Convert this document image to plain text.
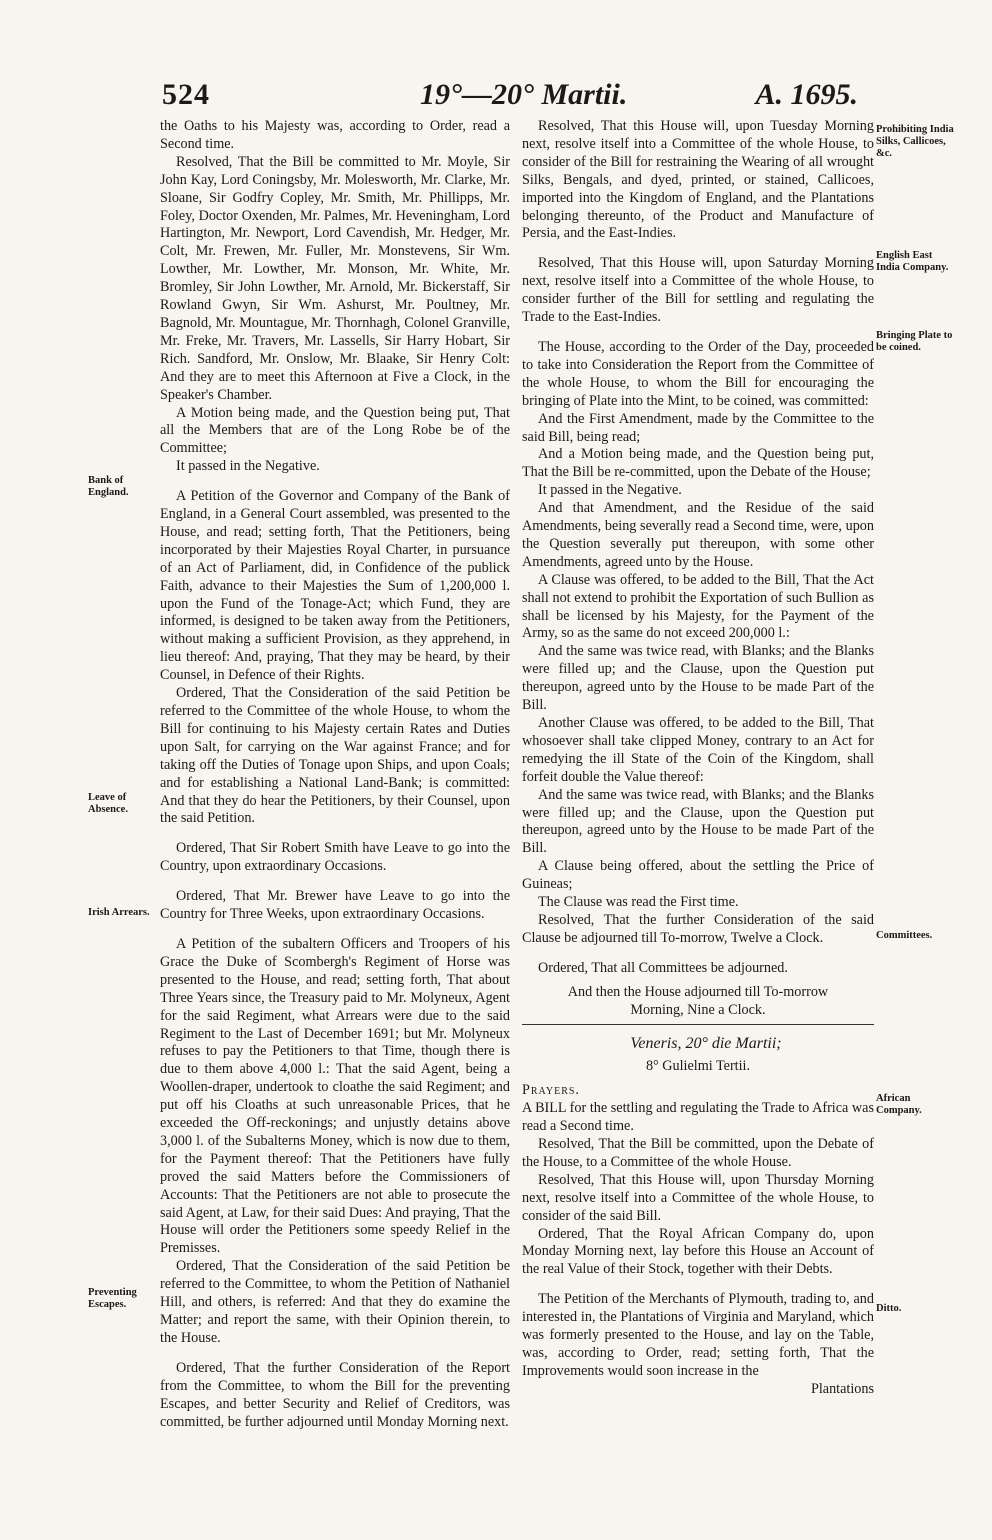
524	19°—20° Martii.	A. 1695.
Bank of England.
Leave of Absence.
Irish Arrears.
Preventing Escapes.
Prohibiting India Silks, Callicoes, &c.
English East India Company.
Bringing Plate to be coined.
Committees.
African Company.
Ditto.

the Oaths to his Majesty was, according to Order, read a Second time.

Resolved, That the Bill be committed to Mr. Moyle, Sir John Kay, Lord Coningsby, Mr. Molesworth, Mr. Clarke, Mr. Sloane, Sir Godfry Copley, Mr. Smith, Mr. Phillipps, Mr. Foley, Doctor Oxenden, Mr. Palmes, Mr. Heveningham, Lord Hartington, Mr. Newport, Lord Cavendish, Mr. Hedger, Mr. Colt, Mr. Frewen, Mr. Fuller, Mr. Monstevens, Sir Wm. Lowther, Mr. Lowther, Mr. Monson, Mr. White, Mr. Bromley, Sir John Lowther, Mr. Arnold, Mr. Bickerstaff, Sir Rowland Gwyn, Sir Wm. Ashurst, Mr. Poultney, Mr. Bagnold, Mr. Mountague, Mr. Thornhagh, Colonel Granville, Mr. Freke, Mr. Travers, Mr. Lassells, Sir Harry Hobart, Sir Rich. Sandford, Mr. Onslow, Mr. Blaake, Sir Henry Colt: And they are to meet this Afternoon at Five a Clock, in the Speaker's Chamber.

A Motion being made, and the Question being put, That all the Members that are of the Long Robe be of the Committee;

It passed in the Negative.

A Petition of the Governor and Company of the Bank of England, in a General Court assembled, was presented to the House, and read; setting forth, That the Petitioners, being incorporated by their Majesties Royal Charter, in pursuance of an Act of Parliament, did, in Confidence of the publick Faith, advance to their Majesties the Sum of 1,200,000 l. upon the Fund of the Tonage-Act; which Fund, they are informed, is designed to be taken away from the Petitioners, without making a sufficient Provision, as they apprehend, in lieu thereof: And, praying, That they may be heard, by their Counsel, in Defence of their Rights.

Ordered, That the Consideration of the said Petition be referred to the Committee of the whole House, to whom the Bill for continuing to his Majesty certain Rates and Duties upon Salt, for carrying on the War against France; and for taking off the Duties of Tonage upon Ships, and upon Coals; and for establishing a National Land-Bank; is committed: And that they do hear the Petitioners, by their Counsel, upon the said Petition.

Ordered, That Sir Robert Smith have Leave to go into the Country, upon extraordinary Occasions.

Ordered, That Mr. Brewer have Leave to go into the Country for Three Weeks, upon extraordinary Occasions.

A Petition of the subaltern Officers and Troopers of his Grace the Duke of Scombergh's Regiment of Horse was presented to the House, and read; setting forth, That about Three Years since, the Treasury paid to Mr. Molyneux, Agent for the said Regiment, what Arrears were due to the said Regiment to the Last of December 1691; but Mr. Molyneux refuses to pay the Petitioners to that Time, though there is due to them above 4,000 l.: That the said Agent, being a Woollen-draper, undertook to cloathe the said Regiment; and put off his Cloaths at such unreasonable Prices, that he exceeded the Off-reckonings; and unjustly detains above 3,000 l. of the Subalterns Money, which is now due to them, for the Payment thereof: That the Petitioners have fully proved the said Matters before the Commissioners of Accounts: That the Petitioners are not able to prosecute the said Agent, at Law, for their said Dues: And praying, That the House will order the Petitioners some speedy Relief in the Premisses.

Ordered, That the Consideration of the said Petition be referred to the Committee, to whom the Petition of Nathaniel Hill, and others, is referred: And that they do examine the Matter; and report the same, with their Opinion therein, to the House.

Ordered, That the further Consideration of the Report from the Committee, to whom the Bill for the preventing Escapes, and better Security and Relief of Creditors, was committed, be further adjourned until Monday Morning next.

Resolved, That this House will, upon Tuesday Morning next, resolve itself into a Committee of the whole House, to consider of the Bill for restraining the Wearing of all wrought Silks, Bengals, and dyed, printed, or stained, Callicoes, imported into the Kingdom of England, and the Plantations belonging thereunto, of the Product and Manufacture of Persia, and the East-Indies.

Resolved, That this House will, upon Saturday Morning next, resolve itself into a Committee of the whole House, to consider further of the Bill for settling and regulating the Trade to the East-Indies.

The House, according to the Order of the Day, proceeded to take into Consideration the Report from the Committee of the whole House, to whom the Bill for encouraging the bringing of Plate into the Mint, to be coined, was committed:

And the First Amendment, made by the Committee to the said Bill, being read;

And a Motion being made, and the Question being put, That the Bill be re-committed, upon the Debate of the House;

It passed in the Negative.

And that Amendment, and the Residue of the said Amendments, being severally read a Second time, were, upon the Question severally put thereupon, with some other Amendments, agreed unto by the House.

A Clause was offered, to be added to the Bill, That the Act shall not extend to prohibit the Exportation of such Bullion as shall be licensed by his Majesty, for the Payment of the Army, so as the same do not exceed 200,000 l.:

And the same was twice read, with Blanks; and the Blanks were filled up; and the Clause, upon the Question put thereupon, agreed unto by the House to be made Part of the Bill.

Another Clause was offered, to be added to the Bill, That whosoever shall take clipped Money, contrary to an Act for remedying the ill State of the Coin of the Kingdom, shall forfeit double the Value thereof:

And the same was twice read, with Blanks; and the Blanks were filled up; and the Clause, upon the Question put thereupon, agreed unto by the House to be made Part of the Bill.

A Clause being offered, about the settling the Price of Guineas;

The Clause was read the First time.

Resolved, That the further Consideration of the said Clause be adjourned till To-morrow, Twelve a Clock.

Ordered, That all Committees be adjourned.

And then the House adjourned till To-morrow Morning, Nine a Clock.

Veneris, 20° die Martii;

8° Gulielmi Tertii.

Prayers.

A BILL for the settling and regulating the Trade to Africa was read a Second time.

Resolved, That the Bill be committed, upon the Debate of the House, to a Committee of the whole House.

Resolved, That this House will, upon Thursday Morning next, resolve itself into a Committee of the whole House, to consider of the said Bill.

Ordered, That the Royal African Company do, upon Monday Morning next, lay before this House an Account of the real Value of their Stock, together with their Debts.

The Petition of the Merchants of Plymouth, trading to, and interested in, the Plantations of Virginia and Maryland, which was formerly presented to the House, and lay on the Table, was, according to Order, read; setting forth, That the Improvements would soon increase in the

Plantations
